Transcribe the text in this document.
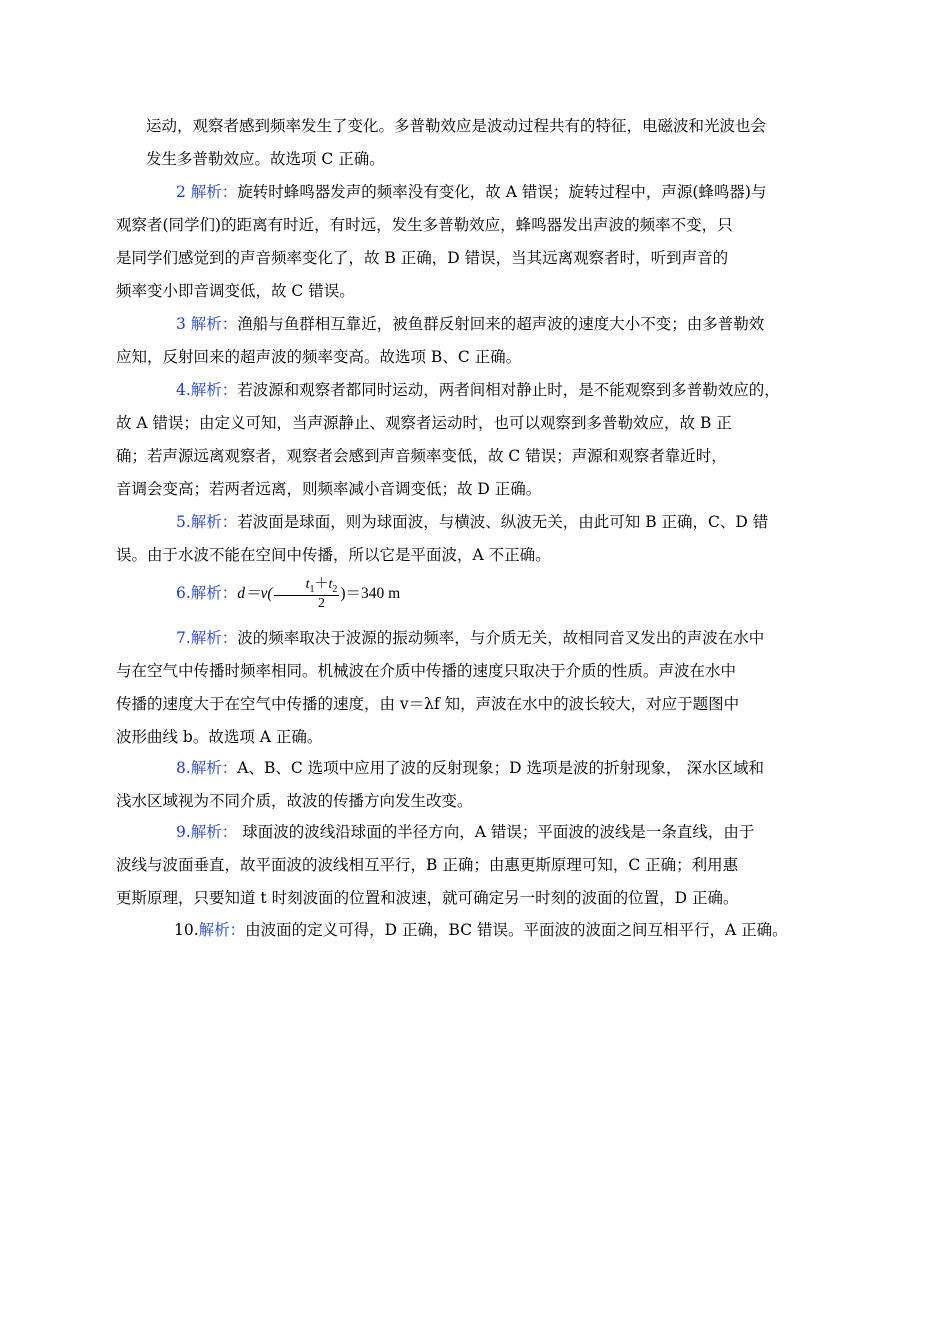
运动，观察者感到频率发生了变化。多普勒效应是波动过程共有的特征，电磁波和光波也会
发生多普勒效应。故选项 C 正确。
2 解析：旋转时蜂鸣器发声的频率没有变化，故 A 错误；旋转过程中，声源(蜂鸣器)与
观察者(同学们)的距离有时近，有时远，发生多普勒效应，蜂鸣器发出声波的频率不变，只
是同学们感觉到的声音频率变化了，故 B 正确，D 错误，当其远离观察者时，听到声音的
频率变小即音调变低，故 C 错误。
3 解析：渔船与鱼群相互靠近，被鱼群反射回来的超声波的速度大小不变；由多普勒效
应知，反射回来的超声波的频率变高。故选项 B、C 正确。
4.解析：若波源和观察者都同时运动，两者间相对静止时，是不能观察到多普勒效应的，
故 A 错误；由定义可知，当声源静止、观察者运动时，也可以观察到多普勒效应，故 B 正
确；若声源远离观察者，观察者会感到声音频率变低，故 C 错误；声源和观察者靠近时，
音调会变高；若两者远离，则频率减小音调变低；故 D 正确。
5.解析：若波面是球面，则为球面波，与横波、纵波无关，由此可知 B 正确，C、D 错
误。由于水波不能在空间中传播，所以它是平面波，A 不正确。
6.解析：$d=v( \frac{t_1+t_2}{2} )=340$ m
7.解析：波的频率取决于波源的振动频率，与介质无关，故相同音叉发出的声波在水中
与在空气中传播时频率相同。机械波在介质中传播的速度只取决于介质的性质。声波在水中
传播的速度大于在空气中传播的速度，由 v＝λf 知，声波在水中的波长较大，对应于题图中
波形曲线 b。故选项 A 正确。
8.解析：A、B、C 选项中应用了波的反射现象；D 选项是波的折射现象， 深水区域和
浅水区域视为不同介质，故波的传播方向发生改变。
9.解析： 球面波的波线沿球面的半径方向，A 错误；平面波的波线是一条直线，由于
波线与波面垂直，故平面波的波线相互平行，B 正确；由惠更斯原理可知，C 正确；利用惠
更斯原理，只要知道 t 时刻波面的位置和波速，就可确定另一时刻的波面的位置，D 正确。
10.解析：由波面的定义可得，D 正确，BC 错误。平面波的波面之间互相平行，A 正确。
